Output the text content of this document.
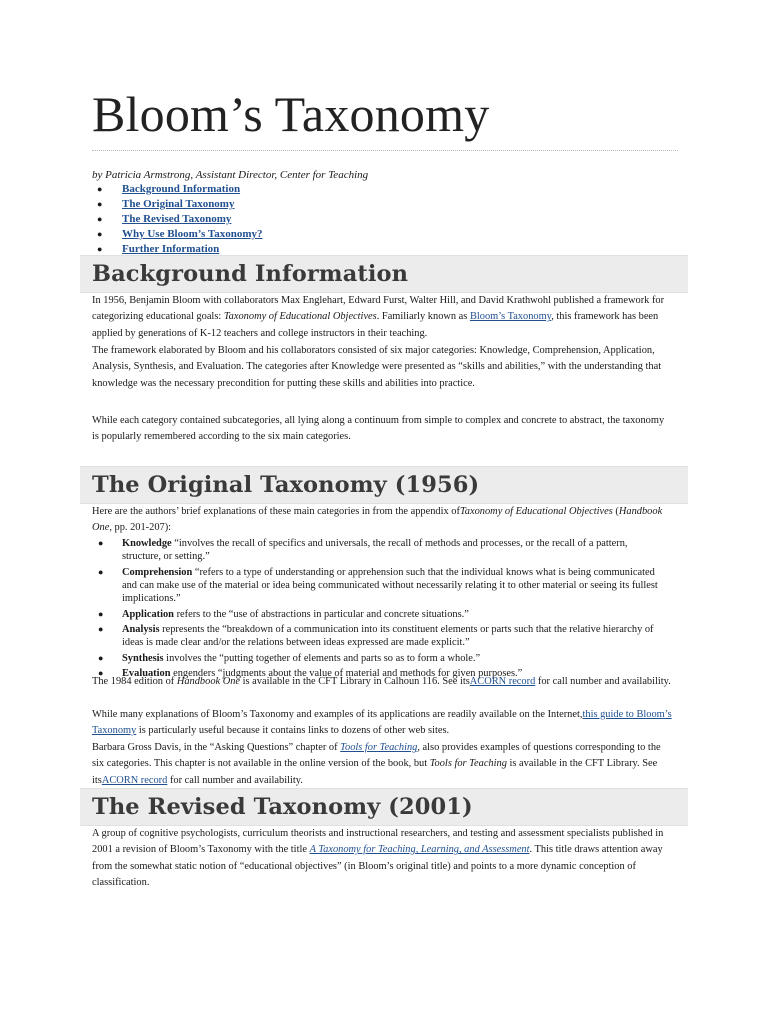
Bloom’s Taxonomy
by Patricia Armstrong, Assistant Director, Center for Teaching
● Background Information
● The Original Taxonomy
● The Revised Taxonomy
● Why Use Bloom’s Taxonomy?
● Further Information
Background Information

In 1956, Benjamin Bloom with collaborators Max Englehart, Edward Furst, Walter Hill, and David Krathwohl published a framework for categorizing educational goals: Taxonomy of Educational Objectives. Familiarly known as Bloom’s Taxonomy, this framework has been applied by generations of K-12 teachers and college instructors in their teaching.

The framework elaborated by Bloom and his collaborators consisted of six major categories: Knowledge, Comprehension, Application, Analysis, Synthesis, and Evaluation. The categories after Knowledge were presented as “skills and abilities,” with the understanding that knowledge was the necessary precondition for putting these skills and abilities into practice.

While each category contained subcategories, all lying along a continuum from simple to complex and concrete to abstract, the taxonomy is popularly remembered according to the six main categories.

The Original Taxonomy (1956)

Here are the authors’ brief explanations of these main categories in from the appendix ofTaxonomy of Educational Objectives (Handbook One, pp. 201-207):

● Knowledge “involves the recall of specifics and universals, the recall of methods and processes, or the recall of a pattern, structure, or setting.”
● Comprehension “refers to a type of understanding or apprehension such that the individual knows what is being communicated and can make use of the material or idea being communicated without necessarily relating it to other material or seeing its fullest implications.”
● Application refers to the “use of abstractions in particular and concrete situations.”
● Analysis represents the “breakdown of a communication into its constituent elements or parts such that the relative hierarchy of ideas is made clear and/or the relations between ideas expressed are made explicit.”
● Synthesis involves the “putting together of elements and parts so as to form a whole.”
● Evaluation engenders “judgments about the value of material and methods for given purposes.”

The 1984 edition of Handbook One is available in the CFT Library in Calhoun 116. See itsACORN record for call number and availability.

While many explanations of Bloom’s Taxonomy and examples of its applications are readily available on the Internet,this guide to Bloom’s Taxonomy is particularly useful because it contains links to dozens of other web sites.

Barbara Gross Davis, in the “Asking Questions” chapter of Tools for Teaching, also provides examples of questions corresponding to the six categories. This chapter is not available in the online version of the book, but Tools for Teaching is available in the CFT Library. See itsACORN record for call number and availability.

The Revised Taxonomy (2001)

A group of cognitive psychologists, curriculum theorists and instructional researchers, and testing and assessment specialists published in 2001 a revision of Bloom’s Taxonomy with the title A Taxonomy for Teaching, Learning, and Assessment. This title draws attention away from the somewhat static notion of “educational objectives” (in Bloom’s original title) and points to a more dynamic conception of classification.
